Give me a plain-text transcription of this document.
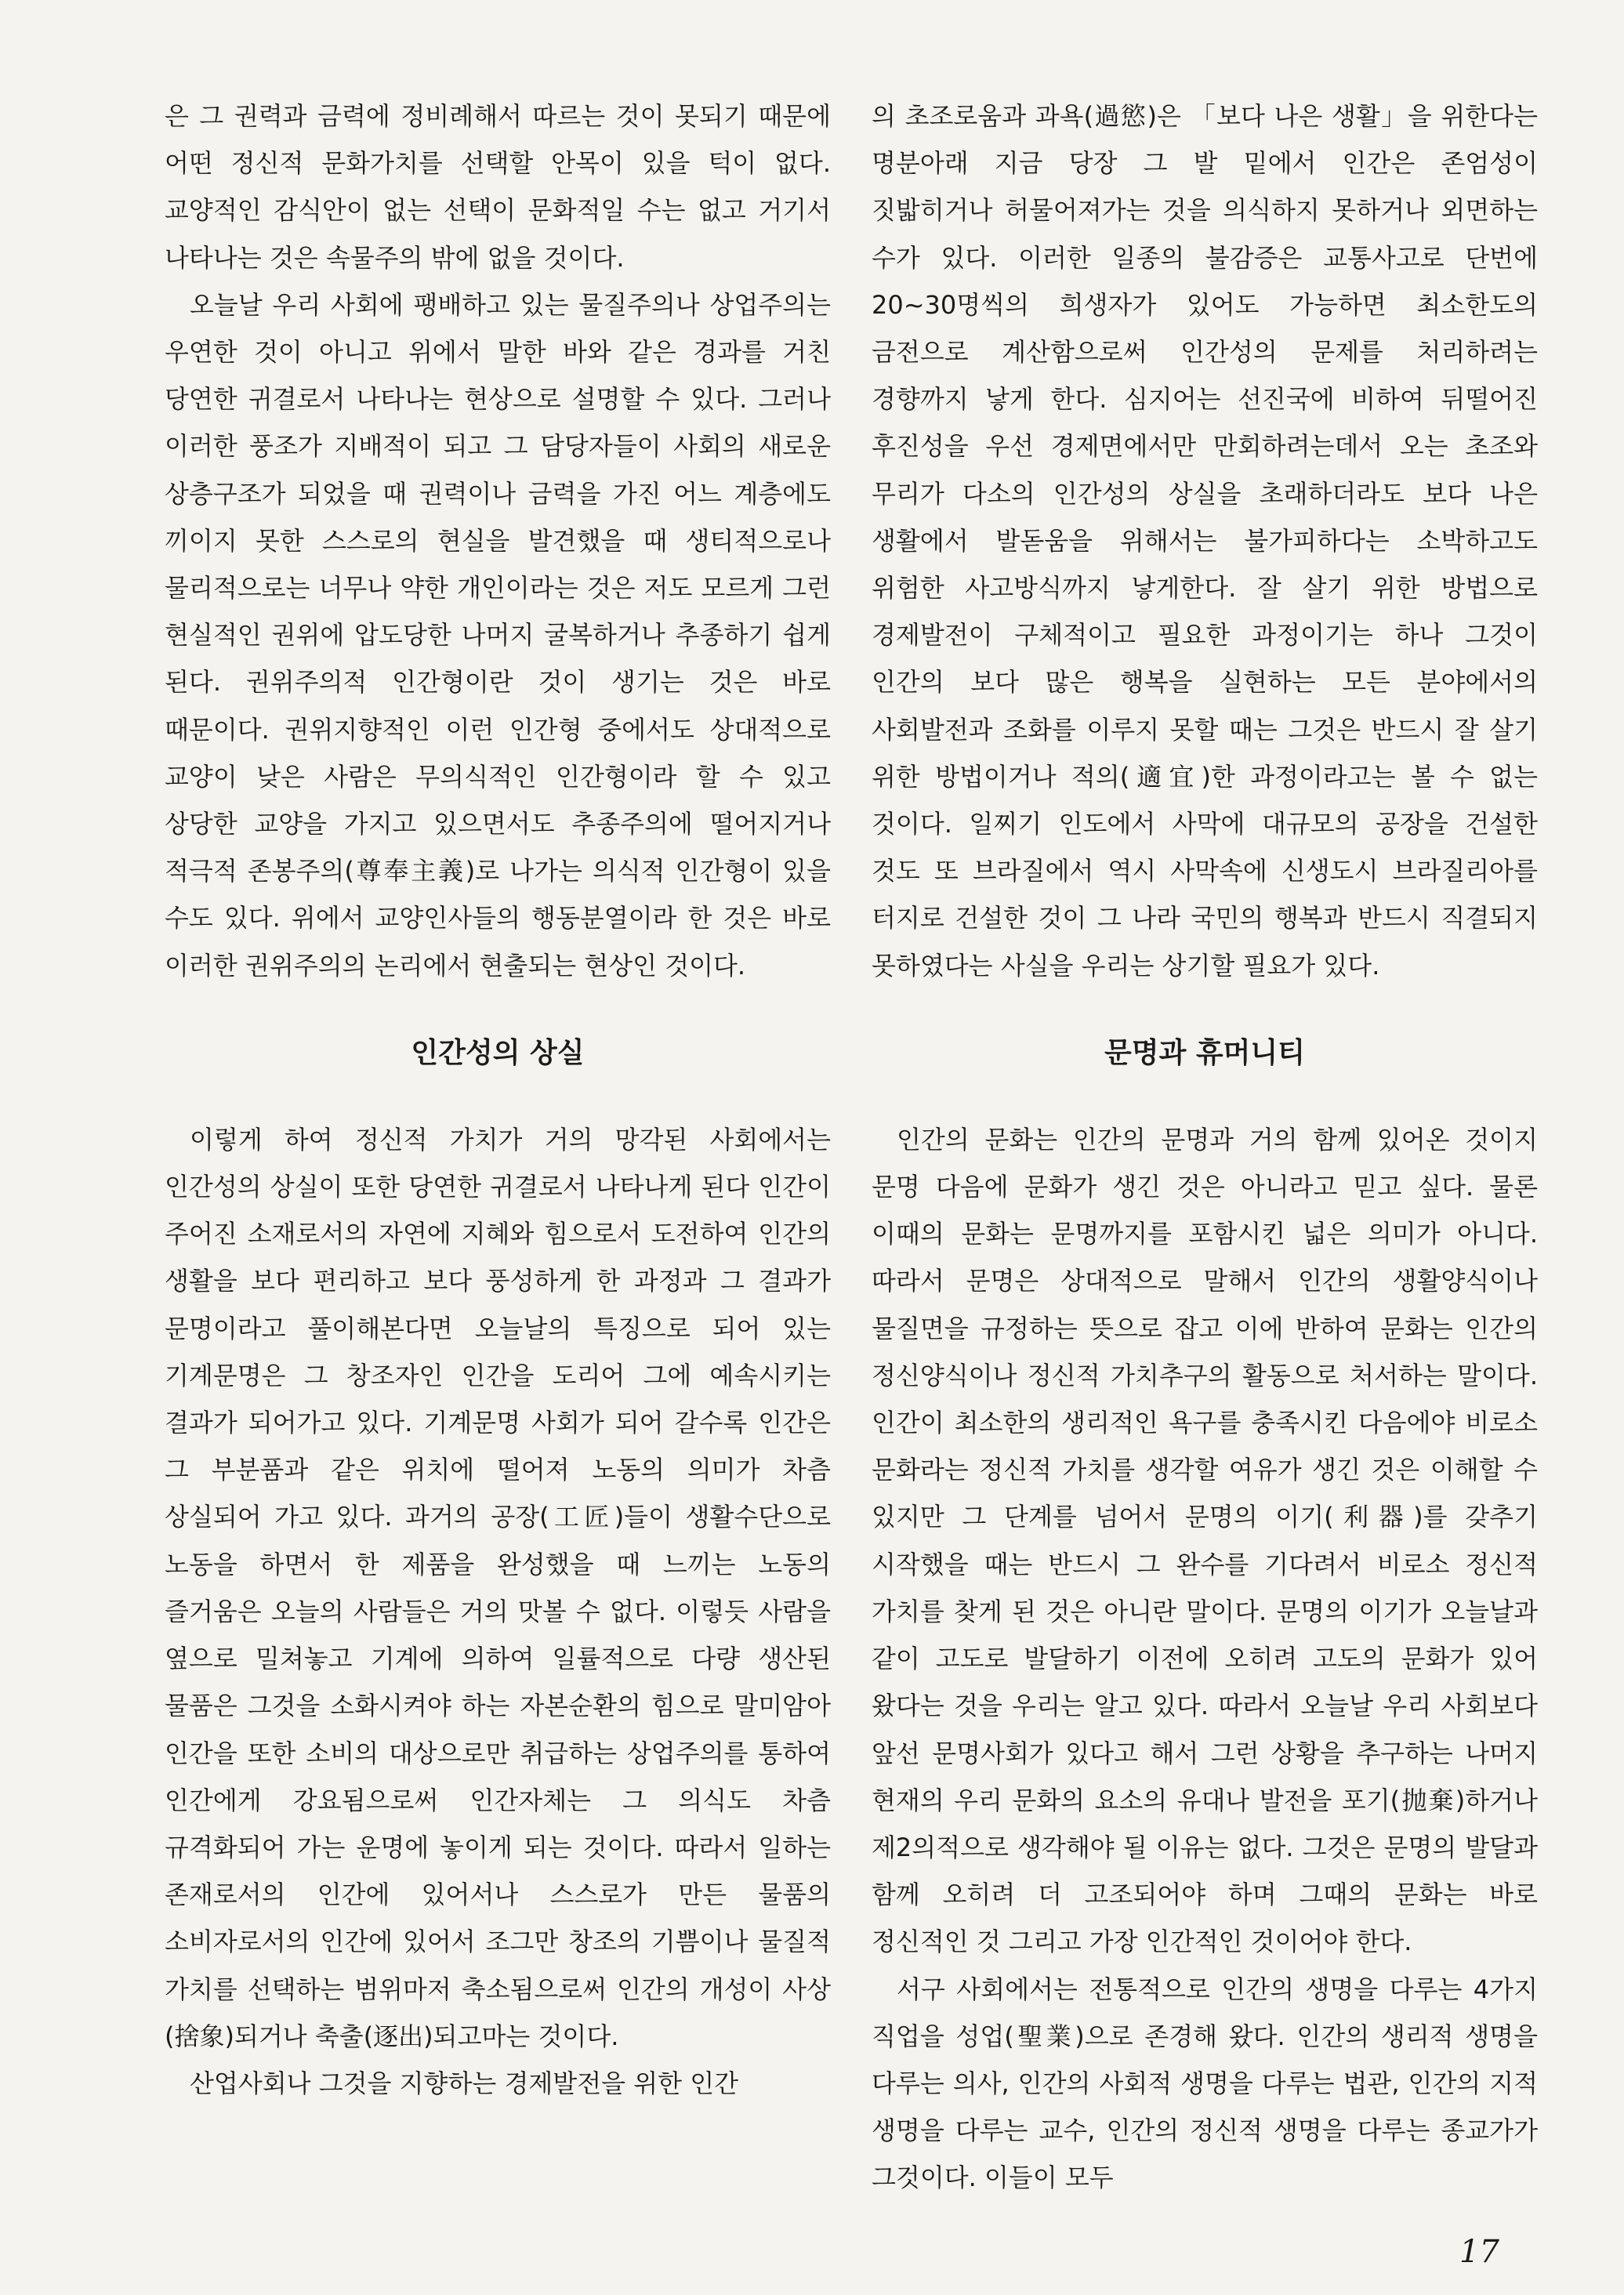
은 그 권력과 금력에 정비례해서 따르는 것이 못되기 때문에 어떤 정신적 문화가치를 선택할 안목이 있을 턱이 없다. 교양적인 감식안이 없는 선택이 문화적일 수는 없고 거기서 나타나는 것은 속물주의 밖에 없을 것이다.

오늘날 우리 사회에 팽배하고 있는 물질주의나 상업주의는 우연한 것이 아니고 위에서 말한 바와 같은 경과를 거친 당연한 귀결로서 나타나는 현상으로 설명할 수 있다. 그러나 이러한 풍조가 지배적이 되고 그 담당자들이 사회의 새로운 상층구조가 되었을 때 권력이나 금력을 가진 어느 계층에도 끼이지 못한 스스로의 현실을 발견했을 때 생티적으로나 물리적으로는 너무나 약한 개인이라는 것은 저도 모르게 그런 현실적인 권위에 압도당한 나머지 굴복하거나 추종하기 쉽게 된다. 권위주의적 인간형이란 것이 생기는 것은 바로 때문이다. 권위지향적인 이런 인간형 중에서도 상대적으로 교양이 낮은 사람은 무의식적인 인간형이라 할 수 있고 상당한 교양을 가지고 있으면서도 추종주의에 떨어지거나 적극적 존봉주의(尊奉主義)로 나가는 의식적 인간형이 있을 수도 있다. 위에서 교양인사들의 행동분열이라 한 것은 바로 이러한 권위주의의 논리에서 현출되는 현상인 것이다.

인간성의 상실

이렇게 하여 정신적 가치가 거의 망각된 사회에서는 인간성의 상실이 또한 당연한 귀결로서 나타나게 된다 인간이 주어진 소재로서의 자연에 지혜와 힘으로서 도전하여 인간의 생활을 보다 편리하고 보다 풍성하게 한 과정과 그 결과가 문명이라고 풀이해본다면 오늘날의 특징으로 되어 있는 기계문명은 그 창조자인 인간을 도리어 그에 예속시키는 결과가 되어가고 있다. 기계문명 사회가 되어 갈수록 인간은 그 부분품과 같은 위치에 떨어져 노동의 의미가 차츰 상실되어 가고 있다. 과거의 공장(工匠)들이 생활수단으로 노동을 하면서 한 제품을 완성했을 때 느끼는 노동의 즐거움은 오늘의 사람들은 거의 맛볼 수 없다. 이렇듯 사람을 옆으로 밀쳐놓고 기계에 의하여 일률적으로 다량 생산된 물품은 그것을 소화시켜야 하는 자본순환의 힘으로 말미암아 인간을 또한 소비의 대상으로만 취급하는 상업주의를 통하여 인간에게 강요됨으로써 인간자체는 그 의식도 차츰 규격화되어 가는 운명에 놓이게 되는 것이다. 따라서 일하는 존재로서의 인간에 있어서나 스스로가 만든 물품의 소비자로서의 인간에 있어서 조그만 창조의 기쁨이나 물질적 가치를 선택하는 범위마저 축소됨으로써 인간의 개성이 사상(捨象)되거나 축출(逐出)되고마는 것이다.

산업사회나 그것을 지향하는 경제발전을 위한 인간

의 초조로움과 과욕(過慾)은 「보다 나은 생활」을 위한다는 명분아래 지금 당장 그 발 밑에서 인간은 존엄성이 짓밟히거나 허물어져가는 것을 의식하지 못하거나 외면하는 수가 있다. 이러한 일종의 불감증은 교통사고로 단번에 20~30명씩의 희생자가 있어도 가능하면 최소한도의 금전으로 계산함으로써 인간성의 문제를 처리하려는 경향까지 낳게 한다. 심지어는 선진국에 비하여 뒤떨어진 후진성을 우선 경제면에서만 만회하려는데서 오는 초조와 무리가 다소의 인간성의 상실을 초래하더라도 보다 나은 생활에서 발돋움을 위해서는 불가피하다는 소박하고도 위험한 사고방식까지 낳게한다. 잘 살기 위한 방법으로 경제발전이 구체적이고 필요한 과정이기는 하나 그것이 인간의 보다 많은 행복을 실현하는 모든 분야에서의 사회발전과 조화를 이루지 못할 때는 그것은 반드시 잘 살기 위한 방법이거나 적의(適宜)한 과정이라고는 볼 수 없는 것이다. 일찌기 인도에서 사막에 대규모의 공장을 건설한 것도 또 브라질에서 역시 사막속에 신생도시 브라질리아를 터지로 건설한 것이 그 나라 국민의 행복과 반드시 직결되지 못하였다는 사실을 우리는 상기할 필요가 있다.

문명과 휴머니티

인간의 문화는 인간의 문명과 거의 함께 있어온 것이지 문명 다음에 문화가 생긴 것은 아니라고 믿고 싶다. 물론 이때의 문화는 문명까지를 포함시킨 넓은 의미가 아니다. 따라서 문명은 상대적으로 말해서 인간의 생활양식이나 물질면을 규정하는 뜻으로 잡고 이에 반하여 문화는 인간의 정신양식이나 정신적 가치추구의 활동으로 처서하는 말이다. 인간이 최소한의 생리적인 욕구를 충족시킨 다음에야 비로소 문화라는 정신적 가치를 생각할 여유가 생긴 것은 이해할 수 있지만 그 단계를 넘어서 문명의 이기(利器)를 갖추기 시작했을 때는 반드시 그 완수를 기다려서 비로소 정신적 가치를 찾게 된 것은 아니란 말이다. 문명의 이기가 오늘날과 같이 고도로 발달하기 이전에 오히려 고도의 문화가 있어 왔다는 것을 우리는 알고 있다. 따라서 오늘날 우리 사회보다 앞선 문명사회가 있다고 해서 그런 상황을 추구하는 나머지 현재의 우리 문화의 요소의 유대나 발전을 포기(抛棄)하거나 제2의적으로 생각해야 될 이유는 없다. 그것은 문명의 발달과 함께 오히려 더 고조되어야 하며 그때의 문화는 바로 정신적인 것 그리고 가장 인간적인 것이어야 한다.

서구 사회에서는 전통적으로 인간의 생명을 다루는 4가지 직업을 성업(聖業)으로 존경해 왔다. 인간의 생리적 생명을 다루는 의사, 인간의 사회적 생명을 다루는 법관, 인간의 지적 생명을 다루는 교수, 인간의 정신적 생명을 다루는 종교가가 그것이다. 이들이 모두

17
